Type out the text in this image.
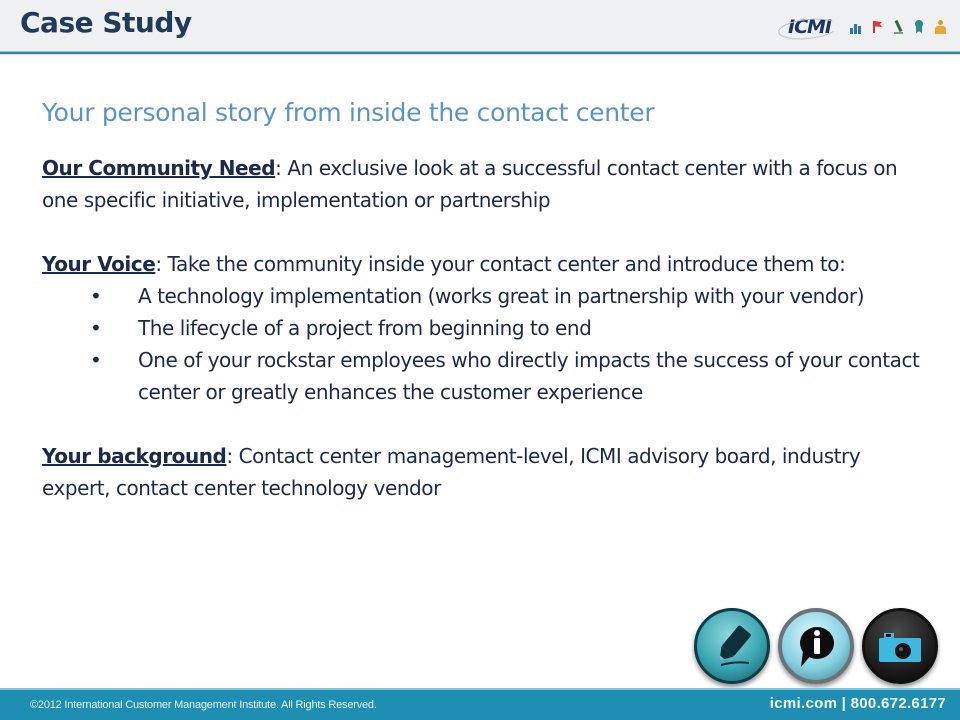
Case Study	ICMI
Your personal story from inside the contact center
Our Community Need: An exclusive look at a successful contact center with a focus on one specific initiative, implementation or partnership
Your Voice: Take the community inside your contact center and introduce them to:
• A technology implementation (works great in partnership with your vendor)
• The lifecycle of a project from beginning to end
• One of your rockstar employees who directly impacts the success of your contact center or greatly enhances the customer experience
Your background: Contact center management-level, ICMI advisory board, industry expert, contact center technology vendor
©2012 International Customer Management Institute. All Rights Reserved.	icmi.com | 800.672.6177
